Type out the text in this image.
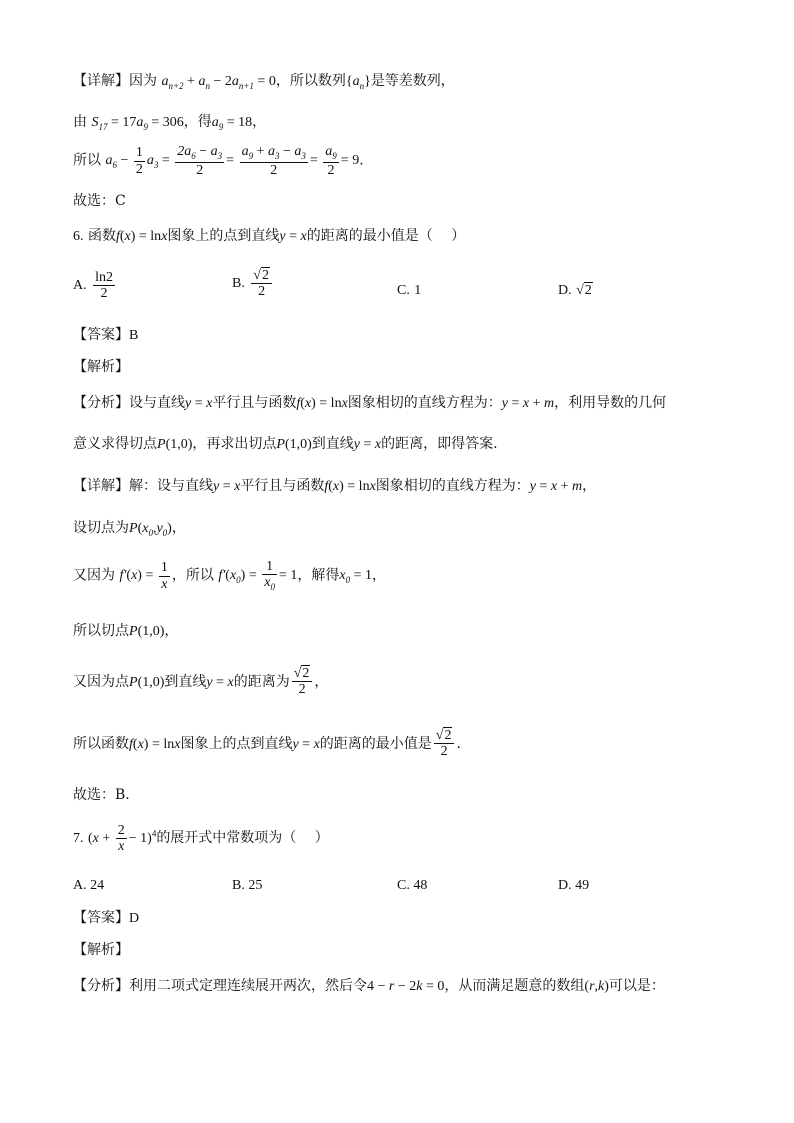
【详解】因为 $a_{n+2} + a_n - 2a_{n+1} = 0$，所以数列$\{a_n\}$是等差数列，
由 $S_{17} = 17a_9 = 306$，得$a_9 = 18$，
所以 $a_6 - \frac{1}{2} a_3 = \frac{2a_6 - a_3}{2} = \frac{a_9 + a_3 - a_3}{2} = \frac{a_9}{2} = 9$.
故选：C
6. 函数f(x) = lnx图象上的点到直线y = x的距离的最小值是（　 ）
A. $\frac{\ln 2}{2}$	B. $\frac{√2}{2}$	C. 1	D. √2
【答案】B
【解析】
【分析】设与直线y = x平行且与函数f(x) = lnx图象相切的直线方程为：y = x + m，利用导数的几何
意义求得切点P(1,0)，再求出切点P(1,0)到直线y = x的距离，即得答案.
【详解】解：设与直线y = x平行且与函数f(x) = lnx图象相切的直线方程为：y = x + m，
设切点为$P(x_0,y_0)$，
又因为 $f'(x) = \frac{1}{x}$ ，所以 $f'(x_0) = \frac{1}{x_0} = 1$，解得$x_0 = 1$，
所以切点P(1,0)，
又因为点P(1,0)到直线y = x的距离为 $\frac{√2}{2}$ ，
所以函数f(x) = lnx图象上的点到直线y = x的距离的最小值是 $\frac{√2}{2}$ .
故选：B.
7. $(x + \frac{2}{x} - 1)^4$的展开式中常数项为（　 ）
A. 24	B. 25	C. 48	D. 49
【答案】D
【解析】
【分析】利用二项式定理连续展开两次，然后令4 − r − 2k = 0，从而满足题意的数组(r,k)可以是：
